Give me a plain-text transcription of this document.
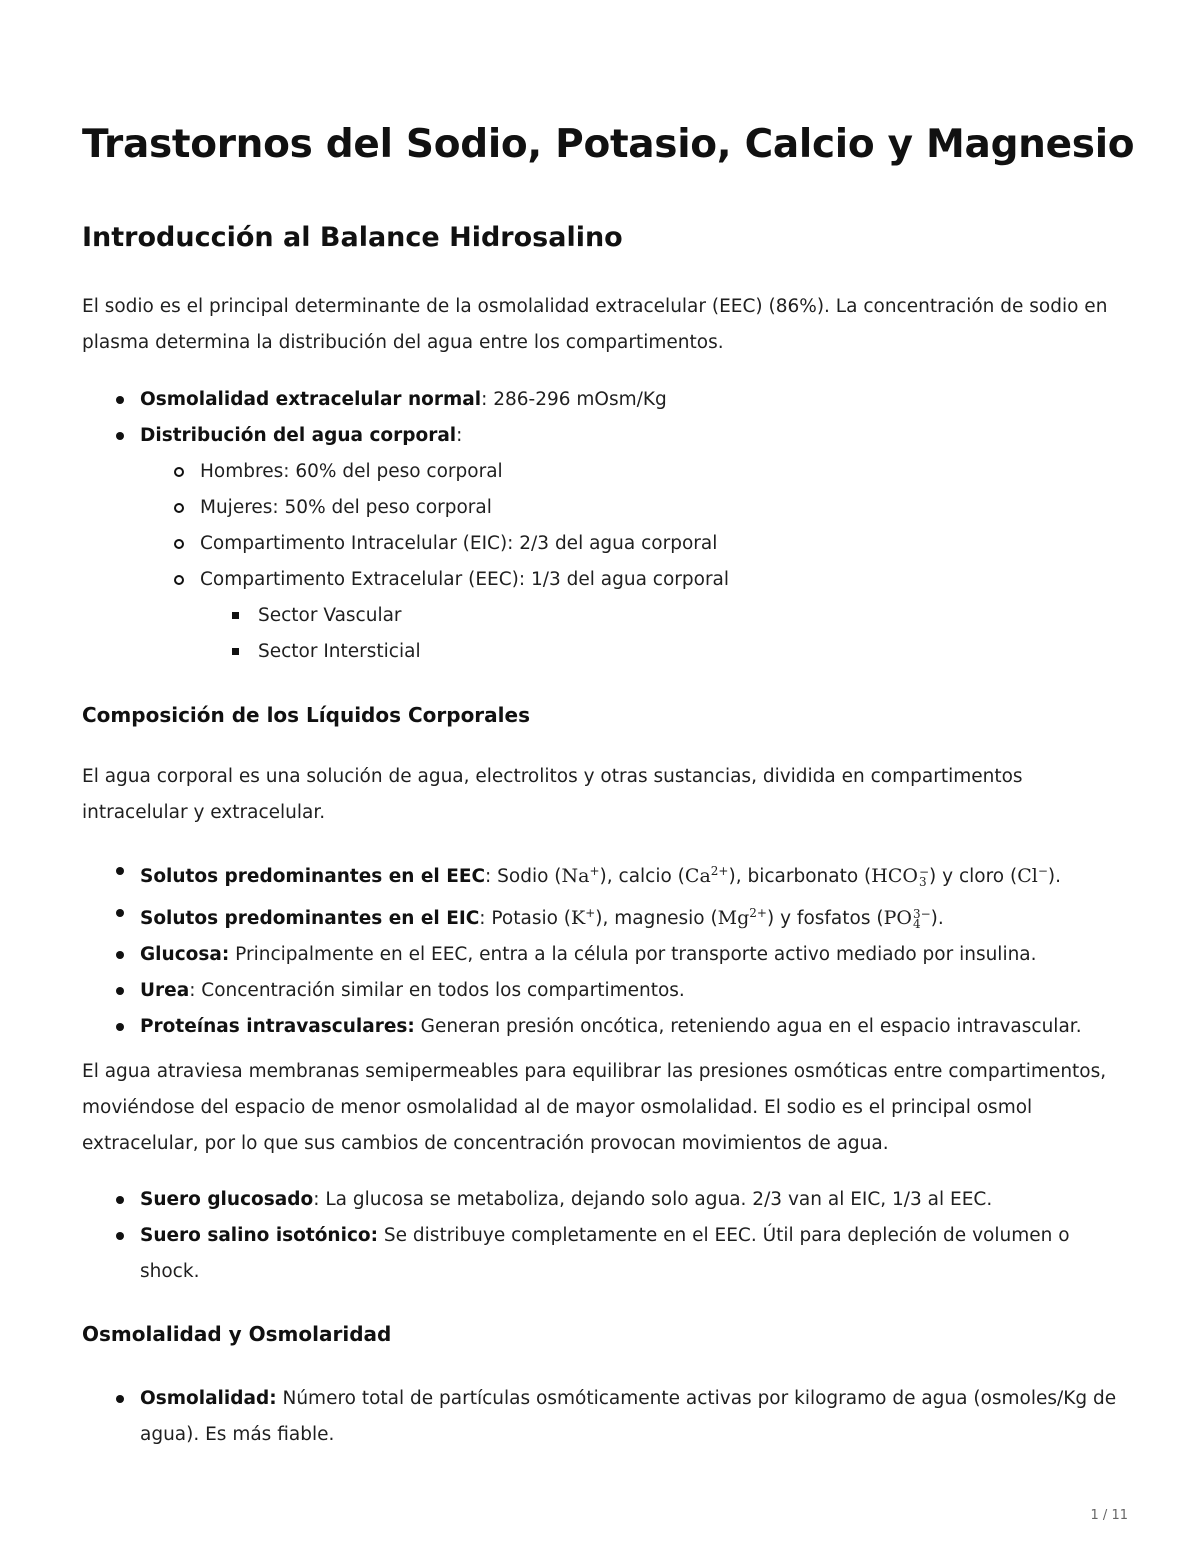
Trastornos del Sodio, Potasio, Calcio y Magnesio
Introducción al Balance Hidrosalino

El sodio es el principal determinante de la osmolalidad extracelular (EEC) (86%). La concentración de sodio en plasma determina la distribución del agua entre los compartimentos.

Osmolalidad extracelular normal: 286-296 mOsm/Kg
Distribución del agua corporal:
Hombres: 60% del peso corporal
Mujeres: 50% del peso corporal
Compartimento Intracelular (EIC): 2/3 del agua corporal
Compartimento Extracelular (EEC): 1/3 del agua corporal
Sector Vascular
Sector Intersticial
Composición de los Líquidos Corporales

El agua corporal es una solución de agua, electrolitos y otras sustancias, dividida en compartimentos intracelular y extracelular.

Solutos predominantes en el EEC: Sodio (Na+), calcio $(Ca^{2+})$, bicarbonato (HCO −
3 ) y cloro (Cl−).
Solutos predominantes en el EIC: Potasio (K+), magnesio $(Mg^{2+})$ y fosfatos (PO 3−
4 ).
Glucosa: Principalmente en el EEC, entra a la célula por transporte activo mediado por insulina.
Urea: Concentración similar en todos los compartimentos.
Proteínas intravasculares: Generan presión oncótica, reteniendo agua en el espacio intravascular.

El agua atraviesa membranas semipermeables para equilibrar las presiones osmóticas entre compartimentos, moviéndose del espacio de menor osmolalidad al de mayor osmolalidad. El sodio es el principal osmol extracelular, por lo que sus cambios de concentración provocan movimientos de agua.

Suero glucosado: La glucosa se metaboliza, dejando solo agua. 2/3 van al EIC, 1/3 al EEC.
Suero salino isotónico: Se distribuye completamente en el EEC. Útil para depleción de volumen o shock.
Osmolalidad y Osmolaridad
Osmolalidad: Número total de partículas osmóticamente activas por kilogramo de agua (osmoles/Kg de agua). Es más fiable.
1 / 11
